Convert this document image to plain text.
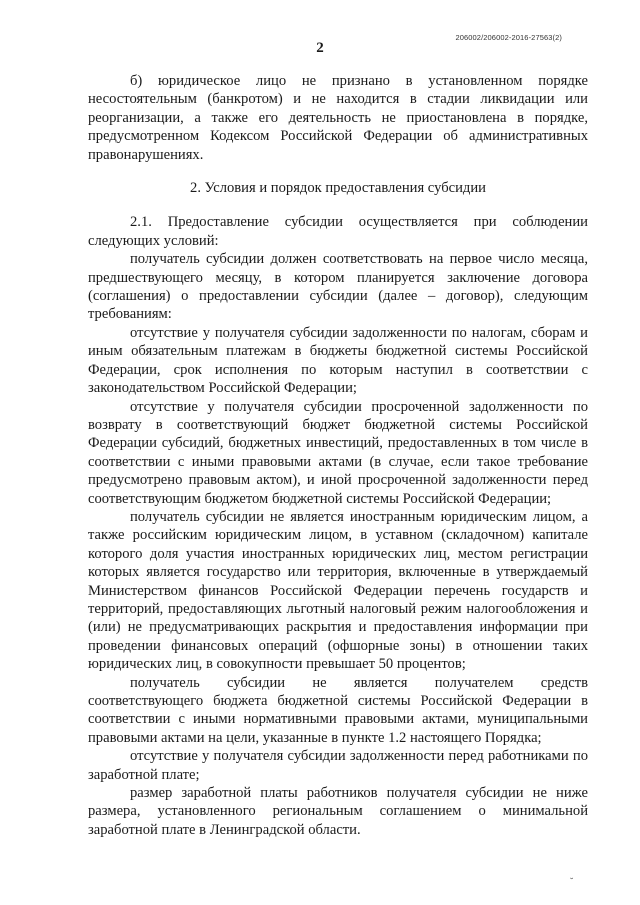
206002/206002-2016-27563(2)
2

б) юридическое лицо не признано в установленном порядке несостоятельным (банкротом) и не находится в стадии ликвидации или реорганизации, а также его деятельность не приостановлена в порядке, предусмотренном Кодексом Российской Федерации об административных правонарушениях.

2. Условия и порядок предоставления субсидии

2.1. Предоставление субсидии осуществляется при соблюдении следующих условий:

получатель субсидии должен соответствовать на первое число месяца, предшествующего месяцу, в котором планируется заключение договора (соглашения) о предоставлении субсидии (далее – договор), следующим требованиям:

отсутствие у получателя субсидии задолженности по налогам, сборам и иным обязательным платежам в бюджеты бюджетной системы Российской Федерации, срок исполнения по которым наступил в соответствии с законодательством Российской Федерации;

отсутствие у получателя субсидии просроченной задолженности по возврату в соответствующий бюджет бюджетной системы Российской Федерации субсидий, бюджетных инвестиций, предоставленных в том числе в соответствии с иными правовыми актами (в случае, если такое требование предусмотрено правовым актом), и иной просроченной задолженности перед соответствующим бюджетом бюджетной системы Российской Федерации;

получатель субсидии не является иностранным юридическим лицом, а также российским юридическим лицом, в уставном (складочном) капитале которого доля участия иностранных юридических лиц, местом регистрации которых является государство или территория, включенные в утверждаемый Министерством финансов Российской Федерации перечень государств и территорий, предоставляющих льготный налоговый режим налогообложения и (или) не предусматривающих раскрытия и предоставления информации при проведении финансовых операций (офшорные зоны) в отношении таких юридических лиц, в совокупности превышает 50 процентов;

получатель субсидии не является получателем средств соответствующего бюджета бюджетной системы Российской Федерации в соответствии с иными нормативными правовыми актами, муниципальными правовыми актами на цели, указанные в пункте 1.2 настоящего Порядка;

отсутствие у получателя субсидии задолженности перед работниками по заработной плате;

размер заработной платы работников получателя субсидии не ниже размера, установленного региональным соглашением о минимальной заработной плате в Ленинградской области.

˘
